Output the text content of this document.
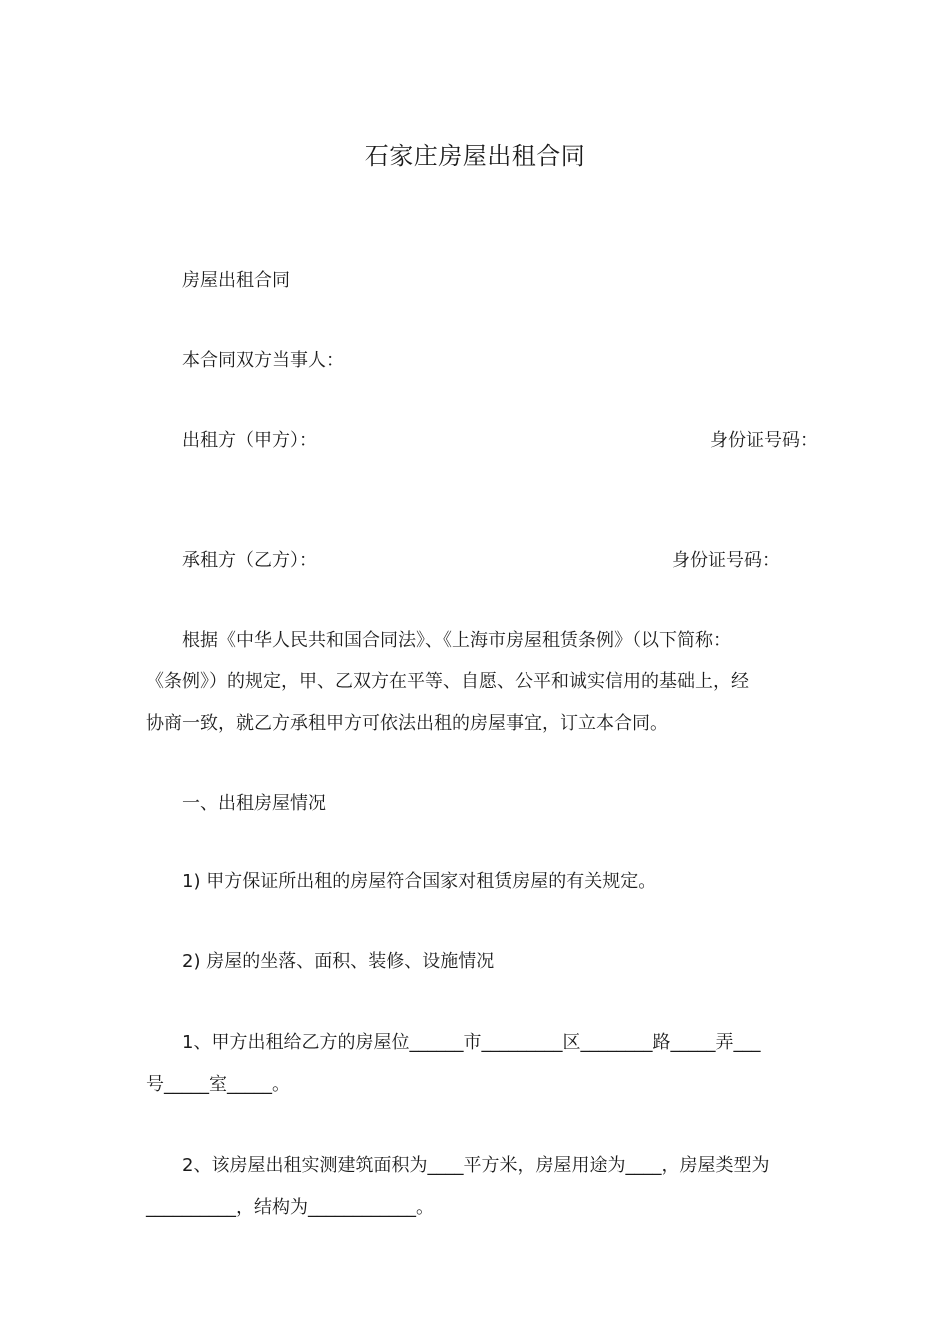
石家庄房屋出租合同
房屋出租合同
本合同双方当事人：
出租方（甲方）：	身份证号码：
承租方（乙方）：	身份证号码：
根据《中华人民共和国合同法》、《上海市房屋租赁条例》（以下简称：
《条例》）的规定，甲、乙双方在平等、自愿、公平和诚实信用的基础上，经
协商一致，就乙方承租甲方可依法出租的房屋事宜，订立本合同。
一、出租房屋情况
1) 甲方保证所出租的房屋符合国家对租赁房屋的有关规定。
2) 房屋的坐落、面积、装修、设施情况
1、甲方出租给乙方的房屋位______市_________区________路_____弄___
号_____室_____。
2、该房屋出租实测建筑面积为____平方米，房屋用途为____，房屋类型为
__________，结构为____________。
